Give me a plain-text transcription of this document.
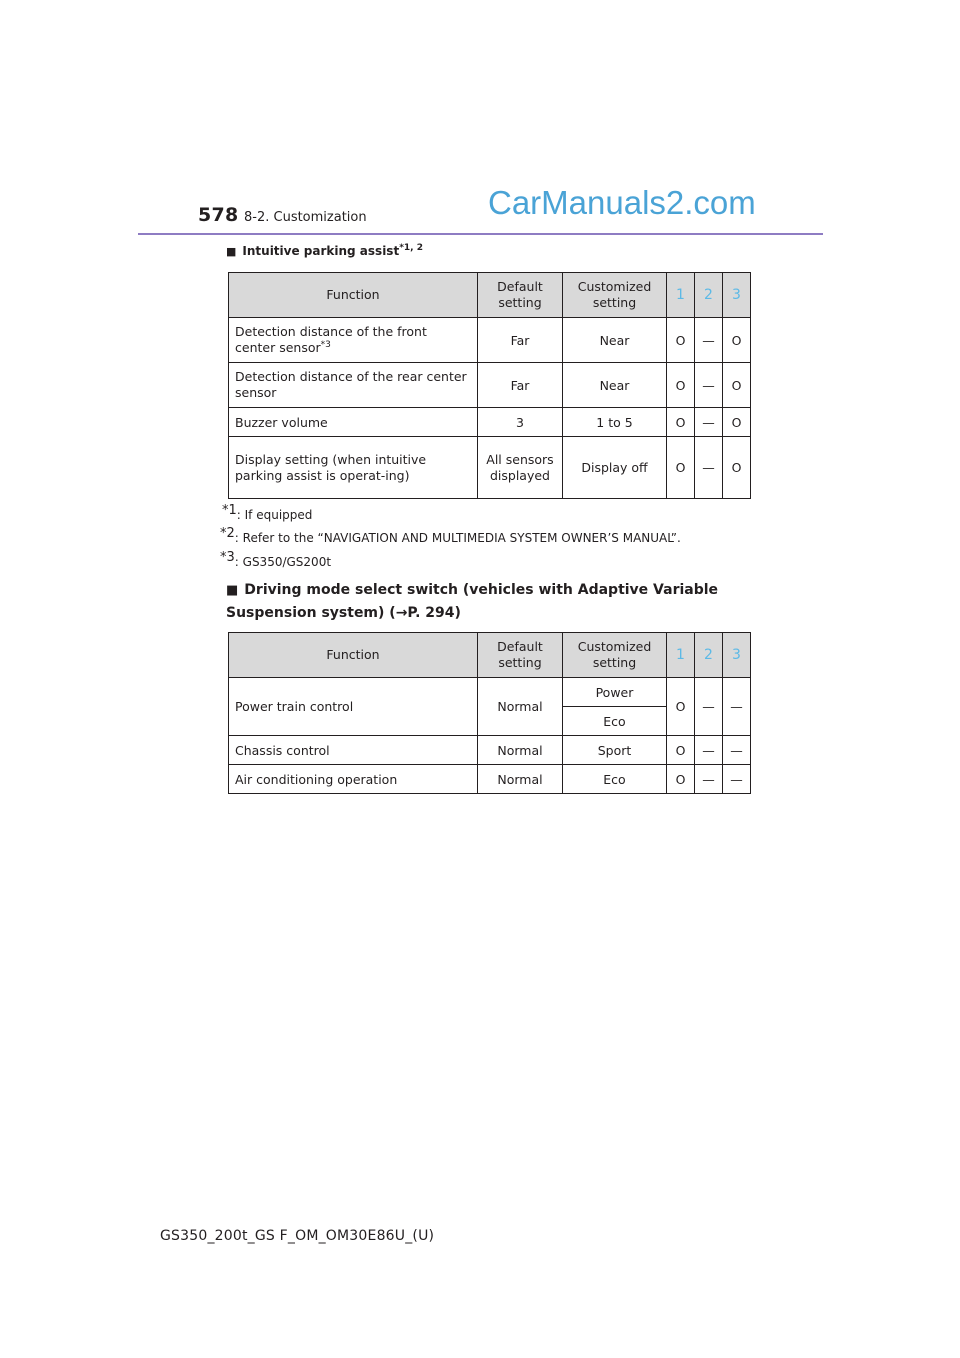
578 8-2. Customization	CarManuals2.com
■ Intuitive parking assist$^{*1, 2}$
Function	Default setting	Customized setting	1	2	3
Detection distance of the front center sensor$^{*3}$	Far	Near	O	—	O
Detection distance of the rear center sensor	Far	Near	O	—	O
Buzzer volume	3	1 to 5	O	—	O
Display setting (when intuitive parking assist is operat-ing)	All sensors displayed	Display off	O	—	O
$^{*1}$: If equipped
$^{*2}$: Refer to the “NAVIGATION AND MULTIMEDIA SYSTEM OWNER’S MANUAL”.
$^{*3}$: GS350/GS200t
■ Driving mode select switch (vehicles with Adaptive Variable Suspension system) (→P. 294)
Function	Default setting	Customized setting	1	2	3
Power train control	Normal	Power	O	—	—
		Eco			
Chassis control	Normal	Sport	O	—	—
Air conditioning operation	Normal	Eco	O	—	—
GS350_200t_GS F_OM_OM30E86U_(U)
